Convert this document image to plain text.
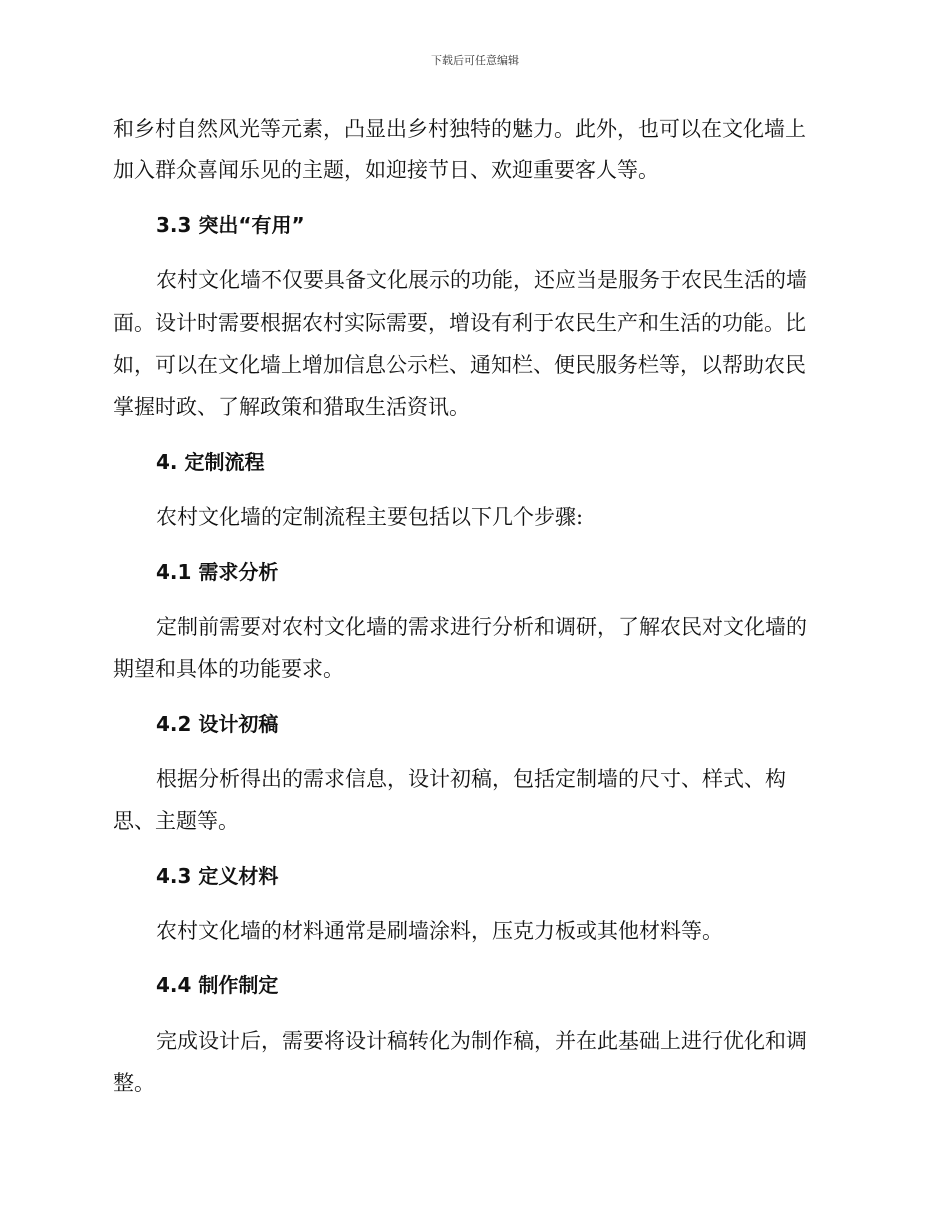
下载后可任意编辑
和乡村自然风光等元素，凸显出乡村独特的魅力。此外，也可以在文化墙上
加入群众喜闻乐见的主题，如迎接节日、欢迎重要客人等。
3.3 突出“有用”
农村文化墙不仅要具备文化展示的功能，还应当是服务于农民生活的墙
面。设计时需要根据农村实际需要，增设有利于农民生产和生活的功能。比
如，可以在文化墙上增加信息公示栏、通知栏、便民服务栏等，以帮助农民
掌握时政、了解政策和猎取生活资讯。
4. 定制流程
农村文化墙的定制流程主要包括以下几个步骤:
4.1 需求分析
定制前需要对农村文化墙的需求进行分析和调研，了解农民对文化墙的
期望和具体的功能要求。
4.2 设计初稿
根据分析得出的需求信息，设计初稿，包括定制墙的尺寸、样式、构
思、主题等。
4.3 定义材料
农村文化墙的材料通常是刷墙涂料，压克力板或其他材料等。
4.4 制作制定
完成设计后，需要将设计稿转化为制作稿，并在此基础上进行优化和调
整。
